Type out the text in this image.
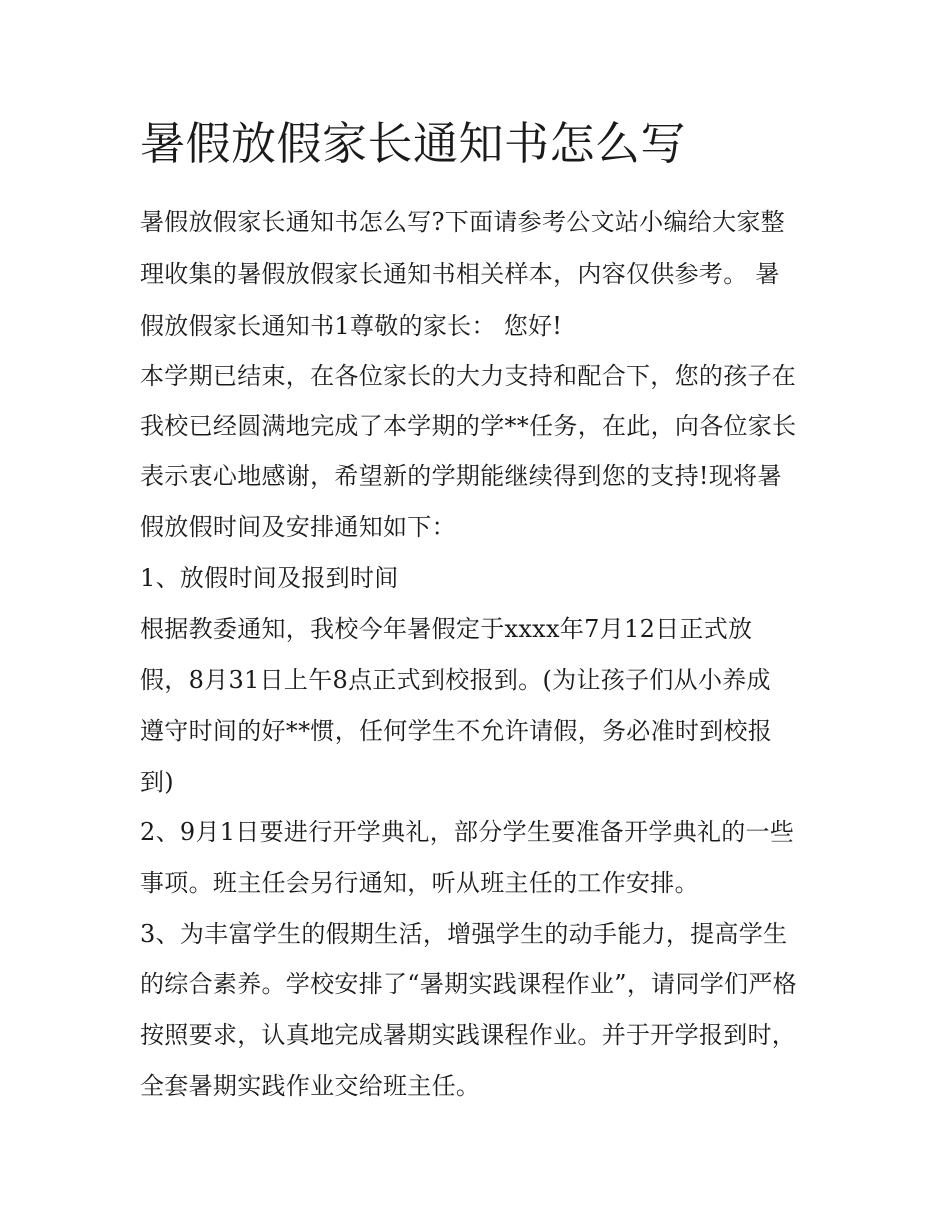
暑假放假家长通知书怎么写

暑假放假家长通知书怎么写?下面请参考公文站小编给大家整

理收集的暑假放假家长通知书相关样本，内容仅供参考。 暑

假放假家长通知书1尊敬的家长： 您好!

本学期已结束，在各位家长的大力支持和配合下，您的孩子在

我校已经圆满地完成了本学期的学**任务，在此，向各位家长

表示衷心地感谢，希望新的学期能继续得到您的支持!现将暑

假放假时间及安排通知如下：

1、放假时间及报到时间

根据教委通知，我校今年暑假定于xxxx年7月12日正式放

假，8月31日上午8点正式到校报到。(为让孩子们从小养成

遵守时间的好**惯，任何学生不允许请假，务必准时到校报

到)

2、9月1日要进行开学典礼，部分学生要准备开学典礼的一些

事项。班主任会另行通知，听从班主任的工作安排。

3、为丰富学生的假期生活，增强学生的动手能力，提高学生

的综合素养。学校安排了“暑期实践课程作业”，请同学们严格

按照要求，认真地完成暑期实践课程作业。并于开学报到时，

全套暑期实践作业交给班主任。
